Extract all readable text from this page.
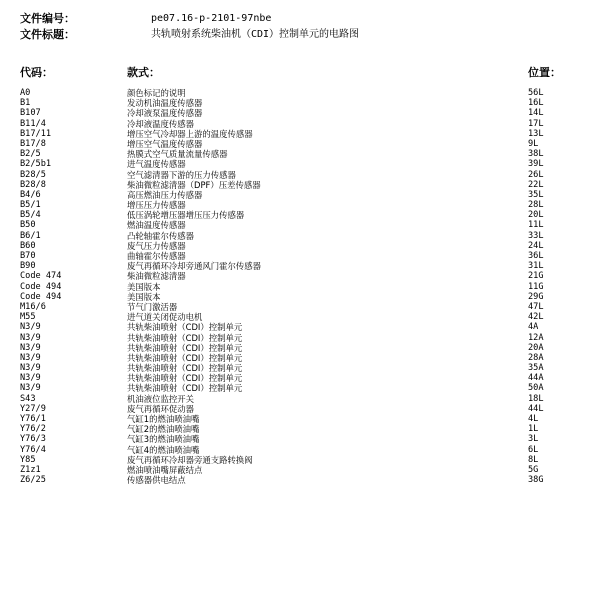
文件编号：	pe07.16-p-2101-97nbe
文件标题：	共轨喷射系统柴油机（CDI）控制单元的电路图
代码：	款式：	位置：
A0	颜色标记的说明	56L
B1	发动机油温度传感器	16L
B107	冷却液泵温度传感器	14L
B11/4	冷却液温度传感器	17L
B17/11	增压空气冷却器上游的温度传感器	13L
B17/8	增压空气温度传感器	9L
B2/5	热膜式空气质量流量传感器	38L
B2/5b1	进气温度传感器	39L
B28/5	空气滤清器下游的压力传感器	26L
B28/8	柴油微粒滤清器（DPF）压差传感器	22L
B4/6	高压燃油压力传感器	35L
B5/1	增压压力传感器	28L
B5/4	低压涡轮增压器增压压力传感器	20L
B50	燃油温度传感器	11L
B6/1	凸轮轴霍尔传感器	33L
B60	废气压力传感器	24L
B70	曲轴霍尔传感器	36L
B90	废气再循环冷却旁通风门霍尔传感器	31L
Code 474	柴油微粒滤清器	21G
Code 494	美国版本	11G
Code 494	美国版本	29G
M16/6	节气门激活器	47L
M55	进气道关闭促动电机	42L
N3/9	共轨柴油喷射（CDI）控制单元	4A
N3/9	共轨柴油喷射（CDI）控制单元	12A
N3/9	共轨柴油喷射（CDI）控制单元	20A
N3/9	共轨柴油喷射（CDI）控制单元	28A
N3/9	共轨柴油喷射（CDI）控制单元	35A
N3/9	共轨柴油喷射（CDI）控制单元	44A
N3/9	共轨柴油喷射（CDI）控制单元	50A
S43	机油液位监控开关	18L
Y27/9	废气再循环促动器	44L
Y76/1	气缸1的燃油喷油嘴	4L
Y76/2	气缸2的燃油喷油嘴	1L
Y76/3	气缸3的燃油喷油嘴	3L
Y76/4	气缸4的燃油喷油嘴	6L
Y85	废气再循环冷却器旁通支路转换阀	8L
Z1z1	燃油喷油嘴屏蔽结点	5G
Z6/25	传感器供电结点	38G
